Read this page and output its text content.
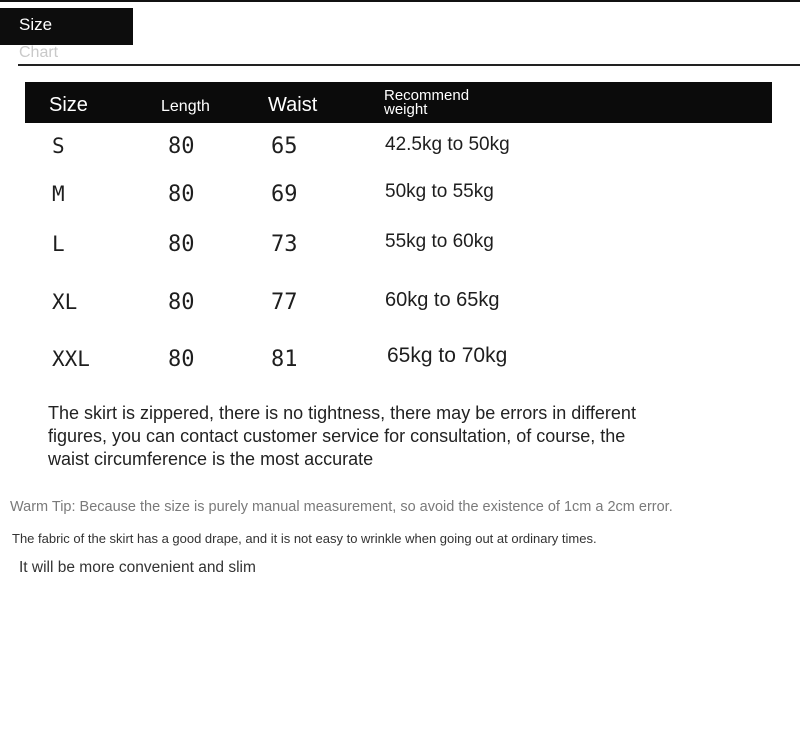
Size
Chart
Size	Length	Waist	Recommend
weight
S	80	65	42.5kg to 50kg
M	80	69	50kg to 55kg
L	80	73	55kg to 60kg
XL	80	77	60kg to 65kg
XXL	80	81	65kg to 70kg
The skirt is zippered, there is no tightness, there may be errors in different figures, you can contact customer service for consultation, of course, the waist circumference is the most accurate
Warm Tip: Because the size is purely manual measurement, so avoid the existence of 1cm a 2cm error.
The fabric of the skirt has a good drape, and it is not easy to wrinkle when going out at ordinary times.
It will be more convenient and slim
